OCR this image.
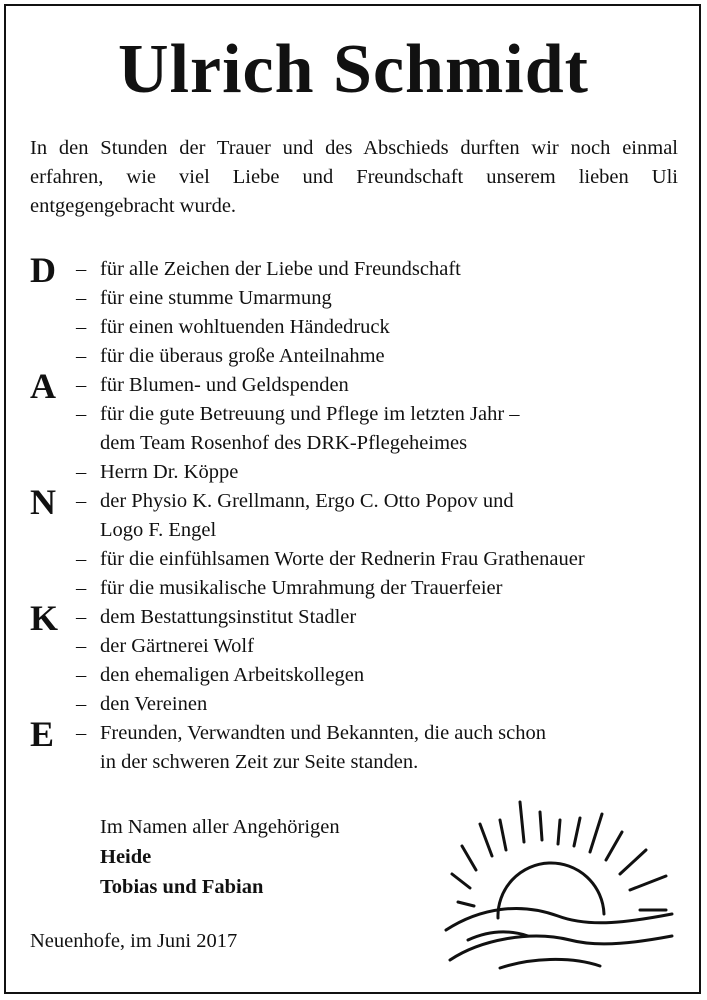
Ulrich Schmidt

In den Stunden der Trauer und des Abschieds durften wir noch einmal erfahren, wie viel Liebe und Freundschaft unserem lieben Uli entgegengebracht wurde.

D
A
N
K
E
–
–
–
–
–
–
–
–
–
–
–
–
–
–
–
für alle Zeichen der Liebe und Freundschaft
für eine stumme Umarmung
für einen wohltuenden Händedruck
für die überaus große Anteilnahme
für Blumen- und Geldspenden
für die gute Betreuung und Pflege im letzten Jahr –
dem Team Rosenhof des DRK-Pflegeheimes
Herrn Dr. Köppe
der Physio K. Grellmann, Ergo C. Otto Popov und
Logo F. Engel
für die einfühlsamen Worte der Rednerin Frau Grathenauer
für die musikalische Umrahmung der Trauerfeier
dem Bestattungsinstitut Stadler
der Gärtnerei Wolf
den ehemaligen Arbeitskollegen
den Vereinen
Freunden, Verwandten und Bekannten, die auch schon
in der schweren Zeit zur Seite standen.
Im Namen aller Angehörigen
Heide
Tobias und Fabian
Neuenhofe, im Juni 2017
